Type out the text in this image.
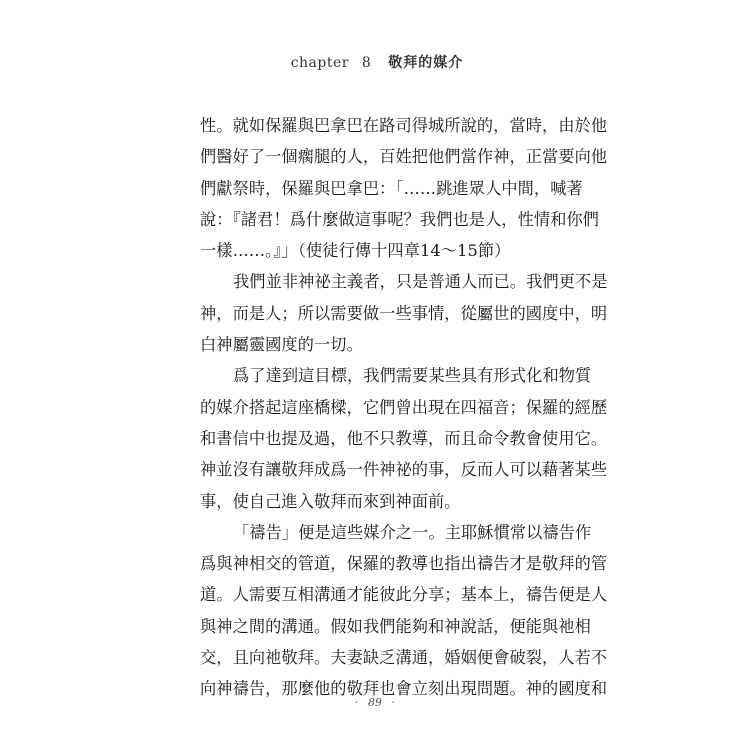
chapter 8 敬拜的媒介
性。就如保羅與巴拿巴在路司得城所說的，當時，由於他
們醫好了一個瘸腿的人，百姓把他們當作神，正當要向他
們獻祭時，保羅與巴拿巴：「……跳進眾人中間，喊著
說：『諸君！爲什麼做這事呢？我們也是人，性情和你們
一樣……。』」（使徒行傳十四章14～15節）
我們並非神祕主義者，只是普通人而已。我們更不是
神，而是人；所以需要做一些事情，從屬世的國度中，明
白神屬靈國度的一切。
爲了達到這目標，我們需要某些具有形式化和物質
的媒介搭起這座橋樑，它們曾出現在四福音；保羅的經歷
和書信中也提及過，他不只教導，而且命令教會使用它。
神並沒有讓敬拜成爲一件神祕的事，反而人可以藉著某些
事，使自己進入敬拜而來到神面前。
「禱告」便是這些媒介之一。主耶穌慣常以禱告作
爲與神相交的管道，保羅的教導也指出禱告才是敬拜的管
道。人需要互相溝通才能彼此分享；基本上，禱告便是人
與神之間的溝通。假如我們能夠和神說話，便能與祂相
交，且向祂敬拜。夫妻缺乏溝通，婚姻便會破裂，人若不
向神禱告，那麼他的敬拜也會立刻出現問題。神的國度和
· 89 ·
